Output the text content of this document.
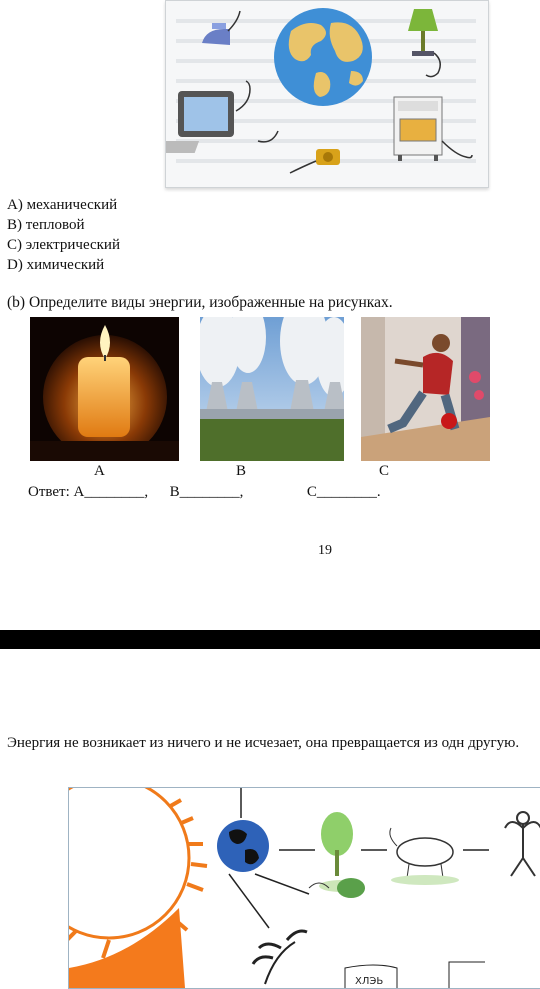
A) механический
B) тепловой
C) электрический
D) химический
(b) Определите виды энергии, изображенные на рисунках.
A	B	C
Ответ: A________, B________,	C________.
19
Энергия не возникает из ничего и не исчезает, она превращается из одн другую.
ХЛЭЬ
